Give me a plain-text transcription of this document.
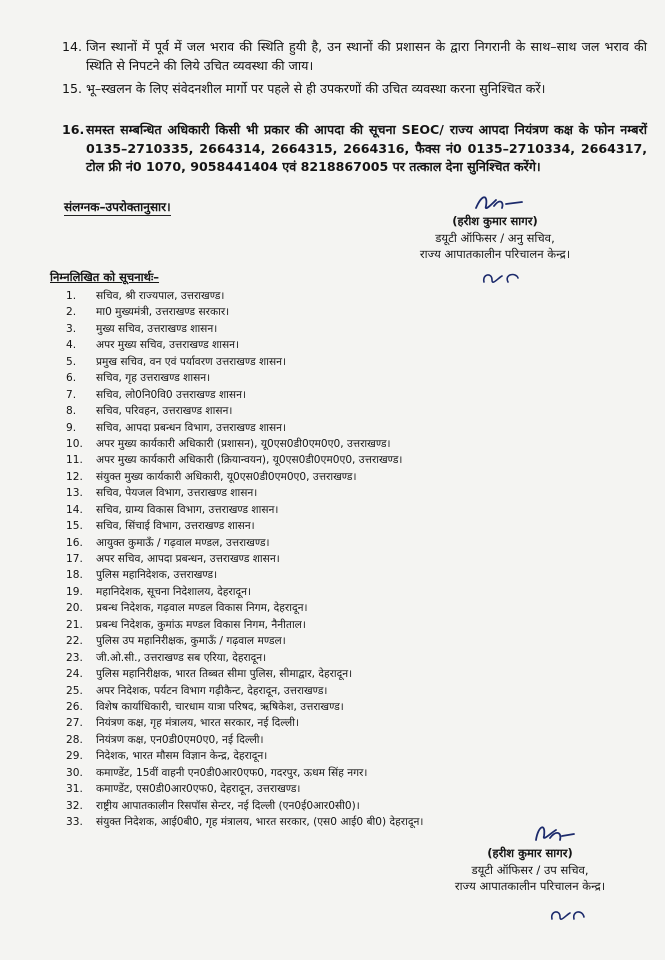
14. जिन स्थानों में पूर्व में जल भराव की स्थिति हुयी है, उन स्थानों की प्रशासन के द्वारा निगरानी के साथ–साथ जल भराव की स्थिति से निपटने की लिये उचित व्यवस्था की जाय।
15. भू–स्खलन के लिए संवेदनशील मार्गो पर पहले से ही उपकरणों की उचित व्यवस्था करना सुनिश्चित करें।
16. समस्त सम्बन्धित अधिकारी किसी भी प्रकार की आपदा की सूचना SEOC/ राज्य आपदा नियंत्रण कक्ष के फोन नम्बरों 0135–2710335, 2664314, 2664315, 2664316, फैक्स नं0 0135–2710334, 2664317, टोल फ्री नं0 1070, 9058441404 एवं 8218867005 पर तत्काल देना सुनिश्चित करेंगे।
संलग्नक–उपरोक्तानुसार।
(हरीश कुमार सागर)
डयूटी ऑफिसर / अनु सचिव,
राज्य आपातकालीन परिचालन केन्द्र।
निम्नलिखित को सूचनार्थः–
1. सचिव, श्री राज्यपाल, उत्तराखण्ड।
2. मा0 मुख्यमंत्री, उत्तराखण्ड सरकार।
3. मुख्य सचिव, उत्तराखण्ड शासन।
4. अपर मुख्य सचिव, उत्तराखण्ड शासन।
5. प्रमुख सचिव, वन एवं पर्यावरण उत्तराखण्ड शासन।
6. सचिव, गृह उत्तराखण्ड शासन।
7. सचिव, लो0नि0वि0 उत्तराखण्ड शासन।
8. सचिव, परिवहन, उत्तराखण्ड शासन।
9. सचिव, आपदा प्रबन्धन विभाग, उत्तराखण्ड शासन।
10. अपर मुख्य कार्यकारी अधिकारी (प्रशासन), यू0एस0डी0एम0ए0, उत्तराखण्ड।
11. अपर मुख्य कार्यकारी अधिकारी (क्रियान्वयन), यू0एस0डी0एम0ए0, उत्तराखण्ड।
12. संयुक्त मुख्य कार्यकारी अधिकारी, यू0एस0डी0एम0ए0, उत्तराखण्ड।
13. सचिव, पेयजल विभाग, उत्तराखण्ड शासन।
14. सचिव, ग्राम्य विकास विभाग, उत्तराखण्ड शासन।
15. सचिव, सिंचाई विभाग, उत्तराखण्ड शासन।
16. आयुक्त कुमाऊँ / गढ़वाल मण्डल, उत्तराखण्ड।
17. अपर सचिव, आपदा प्रबन्धन, उत्तराखण्ड शासन।
18. पुलिस महानिदेशक, उत्तराखण्ड।
19. महानिदेशक, सूचना निदेशालय, देहरादून।
20. प्रबन्ध निदेशक, गढ़वाल मण्डल विकास निगम, देहरादून।
21. प्रबन्ध निदेशक, कुमांऊ मण्डल विकास निगम, नैनीताल।
22. पुलिस उप महानिरीक्षक, कुमाऊँ / गढ़वाल मण्डल।
23. जी.ओ.सी., उत्तराखण्ड सब एरिया, देहरादून।
24. पुलिस महानिरीक्षक, भारत तिब्बत सीमा पुलिस, सीमाद्वार, देहरादून।
25. अपर निदेशक, पर्यटन विभाग गढ़ीकैन्ट, देहरादून, उत्तराखण्ड।
26. विशेष कार्याधिकारी, चारधाम यात्रा परिषद, ऋषिकेश, उत्तराखण्ड।
27. नियंत्रण कक्ष, गृह मंत्रालय, भारत सरकार, नई दिल्ली।
28. नियंत्रण कक्ष, एन0डी0एम0ए0, नई दिल्ली।
29. निदेशक, भारत मौसम विज्ञान केन्द्र, देहरादून।
30. कमाण्डेंट, 15वीं वाहनी एन0डी0आर0एफ0, गदरपुर, ऊधम सिंह नगर।
31. कमाण्डेंट, एस0डी0आर0एफ0, देहरादून, उत्तराखण्ड।
32. राष्ट्रीय आपातकालीन रिसपॉस सेन्टर, नई दिल्ली (एन0ई0आर0सी0)।
33. संयुक्त निदेशक, आई0बी0, गृह मंत्रालय, भारत सरकार, (एस0 आई0 बी0) देहरादून।
(हरीश कुमार सागर)
डयूटी ऑफिसर / उप सचिव,
राज्य आपातकालीन परिचालन केन्द्र।
